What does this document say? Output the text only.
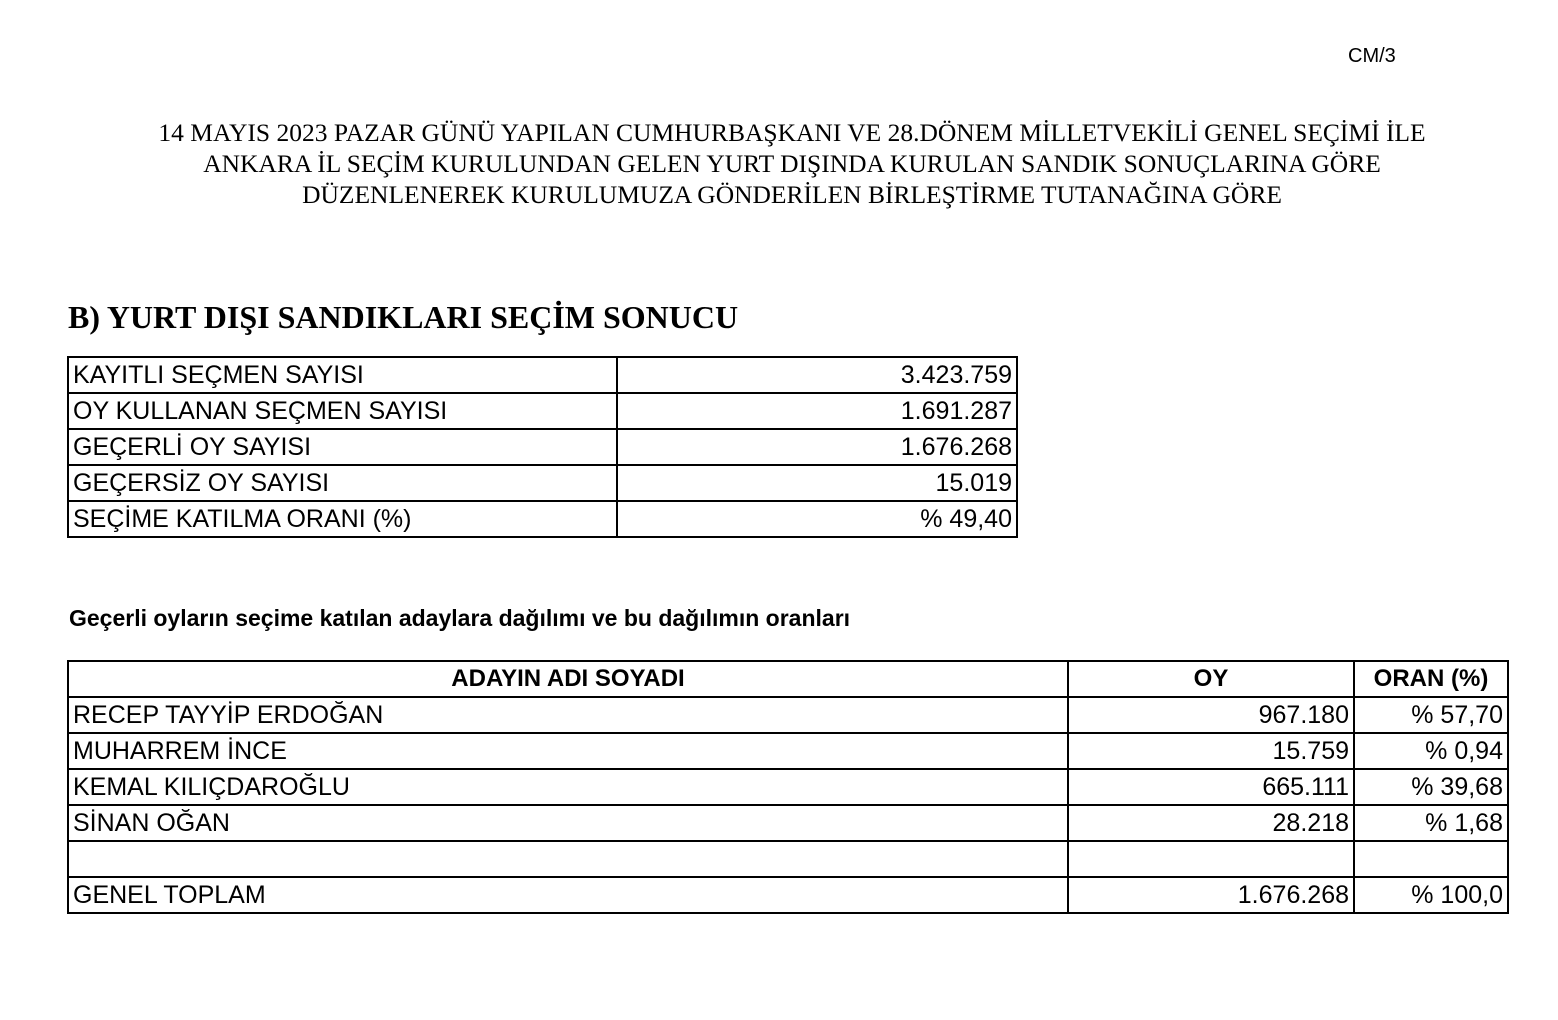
CM/3
14 MAYIS 2023 PAZAR GÜNÜ YAPILAN CUMHURBAŞKANI VE 28.DÖNEM MİLLETVEKİLİ GENEL SEÇİMİ İLE
ANKARA İL SEÇİM KURULUNDAN GELEN YURT DIŞINDA KURULAN SANDIK SONUÇLARINA GÖRE
DÜZENLENEREK KURULUMUZA GÖNDERİLEN BİRLEŞTİRME TUTANAĞINA GÖRE
B) YURT DIŞI SANDIKLARI SEÇİM SONUCU
KAYITLI SEÇMEN SAYISI	3.423.759
OY KULLANAN SEÇMEN SAYISI	1.691.287
GEÇERLİ OY SAYISI	1.676.268
GEÇERSİZ OY SAYISI	15.019
SEÇİME KATILMA ORANI (%)	% 49,40
Geçerli oyların seçime katılan adaylara dağılımı ve bu dağılımın oranları
ADAYIN ADI SOYADI	OY	ORAN (%)
RECEP TAYYİP ERDOĞAN	967.180	% 57,70
MUHARREM İNCE	15.759	% 0,94
KEMAL KILIÇDAROĞLU	665.111	% 39,68
SİNAN OĞAN	28.218	% 1,68

GENEL TOPLAM	1.676.268	% 100,0
